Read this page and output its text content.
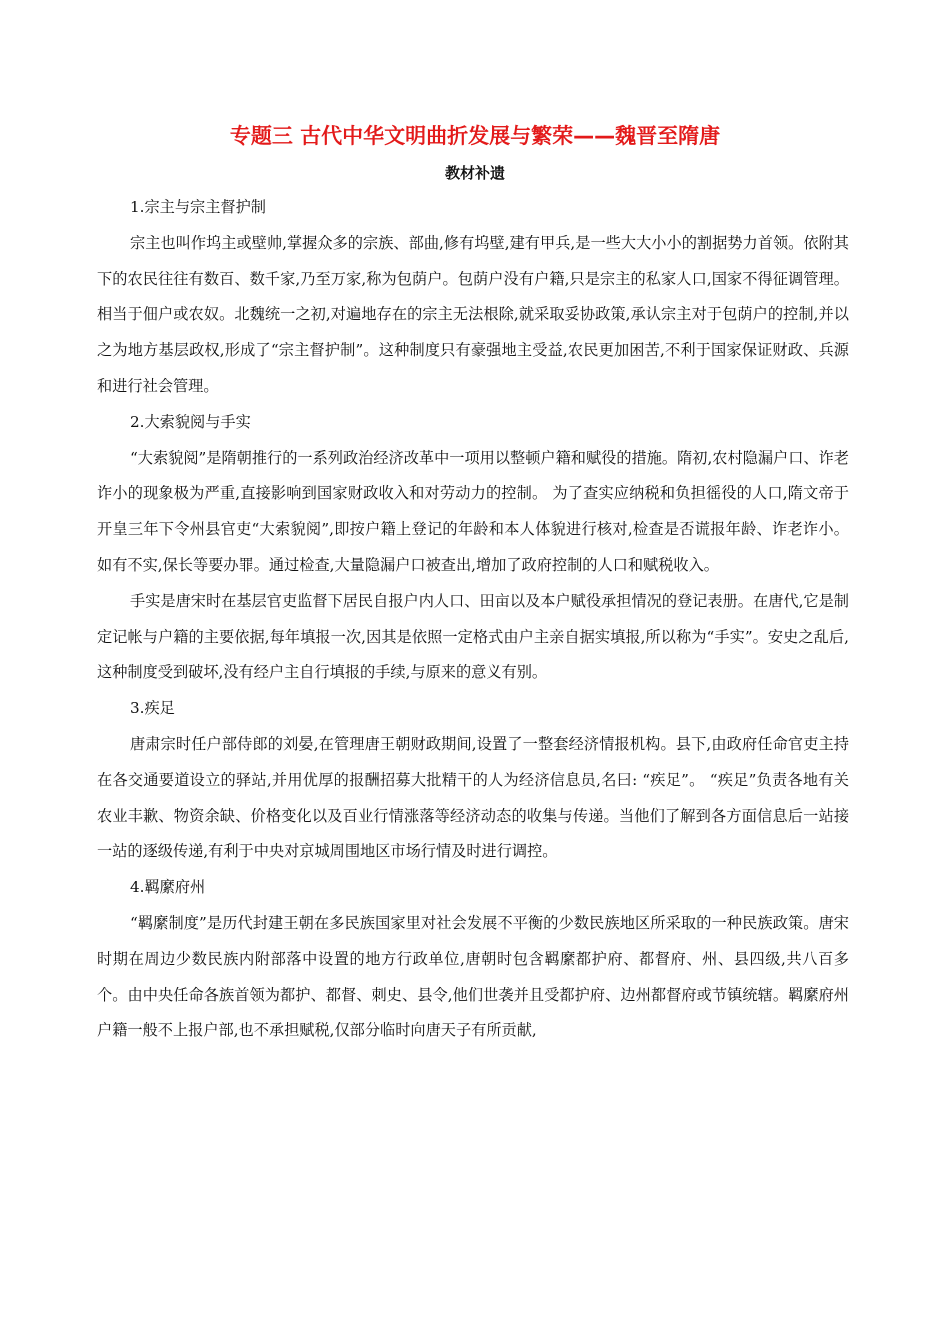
专题三 古代中华文明曲折发展与繁荣——魏晋至隋唐
教材补遗

1.宗主与宗主督护制

宗主也叫作坞主或壁帅,掌握众多的宗族、部曲,修有坞壁,建有甲兵,是一些大大小小的割据势力首领。依附其下的农民往往有数百、数千家,乃至万家,称为包荫户。包荫户没有户籍,只是宗主的私家人口,国家不得征调管理。相当于佃户或农奴。北魏统一之初,对遍地存在的宗主无法根除,就采取妥协政策,承认宗主对于包荫户的控制,并以之为地方基层政权,形成了“宗主督护制”。这种制度只有豪强地主受益,农民更加困苦,不利于国家保证财政、兵源和进行社会管理。

2.大索貌阅与手实

“大索貌阅”是隋朝推行的一系列政治经济改革中一项用以整顿户籍和赋役的措施。隋初,农村隐漏户口、诈老诈小的现象极为严重,直接影响到国家财政收入和对劳动力的控制。 为了查实应纳税和负担徭役的人口,隋文帝于开皇三年下令州县官吏“大索貌阅”,即按户籍上登记的年龄和本人体貌进行核对,检查是否谎报年龄、诈老诈小。如有不实,保长等要办罪。通过检查,大量隐漏户口被查出,增加了政府控制的人口和赋税收入。

手实是唐宋时在基层官吏监督下居民自报户内人口、田亩以及本户赋役承担情况的登记表册。在唐代,它是制定记帐与户籍的主要依据,每年填报一次,因其是依照一定格式由户主亲自据实填报,所以称为“手实”。安史之乱后,这种制度受到破坏,没有经户主自行填报的手续,与原来的意义有别。

3.疾足

唐肃宗时任户部侍郎的刘晏,在管理唐王朝财政期间,设置了一整套经济情报机构。县下,由政府任命官吏主持在各交通要道设立的驿站,并用优厚的报酬招募大批精干的人为经济信息员,名曰: “疾足”。 “疾足”负责各地有关农业丰歉、物资余缺、价格变化以及百业行情涨落等经济动态的收集与传递。当他们了解到各方面信息后一站接一站的逐级传递,有利于中央对京城周围地区市场行情及时进行调控。

4.羁縻府州

“羁縻制度”是历代封建王朝在多民族国家里对社会发展不平衡的少数民族地区所采取的一种民族政策。唐宋时期在周边少数民族内附部落中设置的地方行政单位,唐朝时包含羁縻都护府、都督府、州、县四级,共八百多个。由中央任命各族首领为都护、都督、刺史、县令,他们世袭并且受都护府、边州都督府或节镇统辖。羁縻府州户籍一般不上报户部,也不承担赋税,仅部分临时向唐天子有所贡献,
